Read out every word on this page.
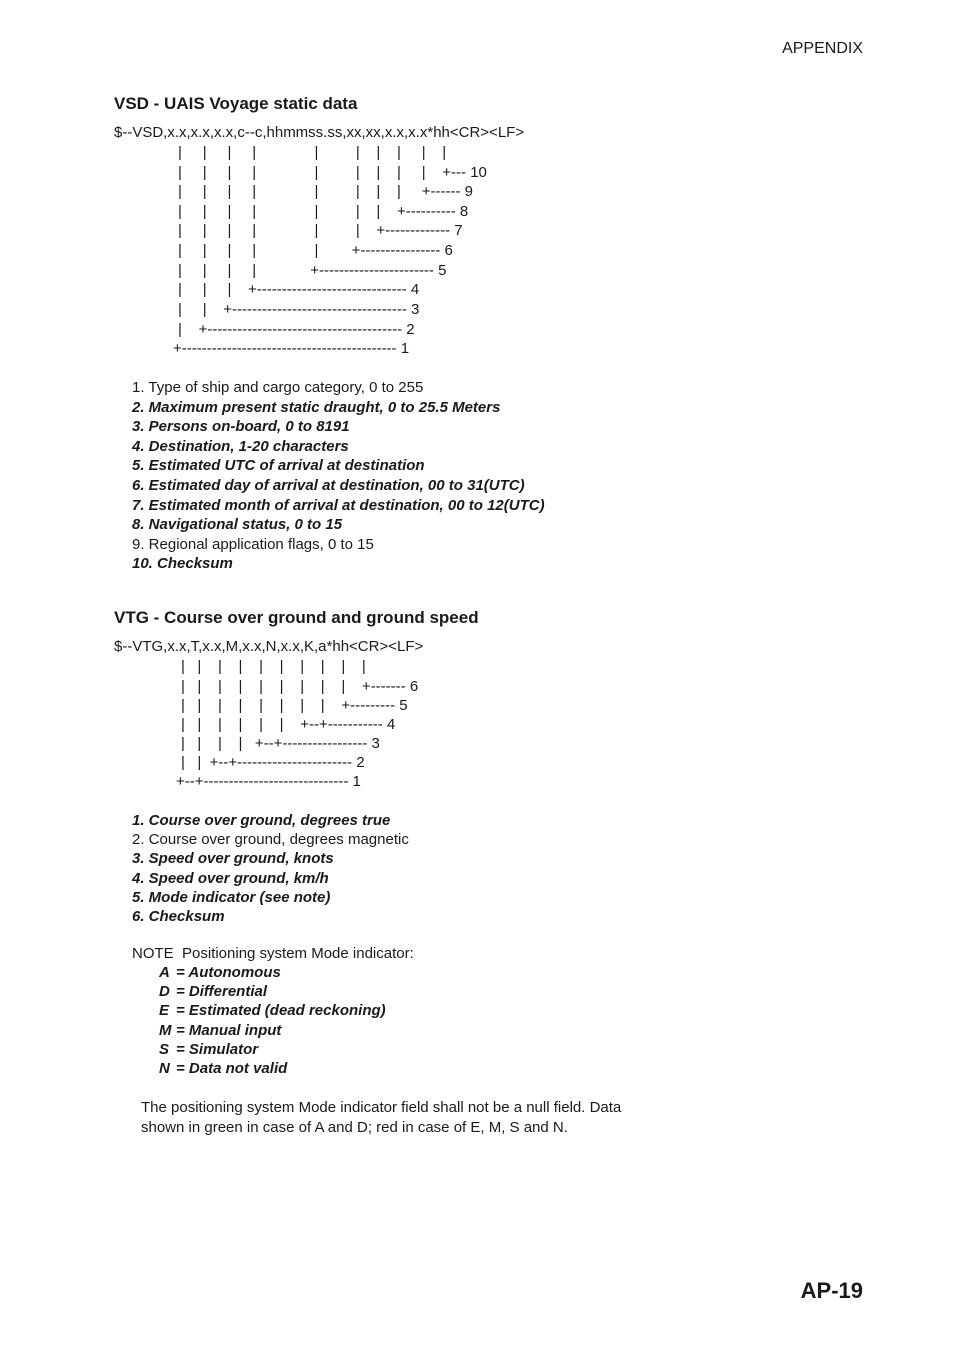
APPENDIX
VSD - UAIS Voyage static data
$--VSD,x.x,x.x,x.x,c--c,hhmmss.ss,xx,xx,x.x,x.x*hh<CR><LF>
|     |     |     |              |         |    |    |     |    |
|     |     |     |              |         |    |    |     |    +--- 10
|     |     |     |              |         |    |    |     +------ 9
|     |     |     |              |         |    |    +---------- 8
|     |     |     |              |         |    +------------- 7
|     |     |     |              |        +---------------- 6
|     |     |     |             +----------------------- 5
|     |     |    +------------------------------ 4
|     |    +----------------------------------- 3
|    +--------------------------------------- 2
+------------------------------------------- 1
1. Type of ship and cargo category, 0 to 255
2. Maximum present static draught, 0 to 25.5 Meters
3. Persons on-board, 0 to 8191
4. Destination, 1-20 characters
5. Estimated UTC of arrival at destination
6. Estimated day of arrival at destination, 00 to 31(UTC)
7. Estimated month of arrival at destination, 00 to 12(UTC)
8. Navigational status, 0 to 15
9. Regional application flags, 0 to 15
10. Checksum
VTG - Course over ground and ground speed
$--VTG,x.x,T,x.x,M,x.x,N,x.x,K,a*hh<CR><LF>
|   |    |    |    |    |    |    |    |    |
|   |    |    |    |    |    |    |    |    +------- 6
|   |    |    |    |    |    |    |    +--------- 5
|   |    |    |    |    |    +--+----------- 4
|   |    |    |   +--+----------------- 3
|   |  +--+----------------------- 2
+--+----------------------------- 1
1. Course over ground, degrees true
2. Course over ground, degrees magnetic
3. Speed over ground, knots
4. Speed over ground, km/h
5. Mode indicator (see note)
6. Checksum
NOTE  Positioning system Mode indicator:
A = Autonomous
D = Differential
E = Estimated (dead reckoning)
M = Manual input
S = Simulator
N = Data not valid

The positioning system Mode indicator field shall not be a null field. Data shown in green in case of A and D; red in case of E, M, S and N.

AP-19
